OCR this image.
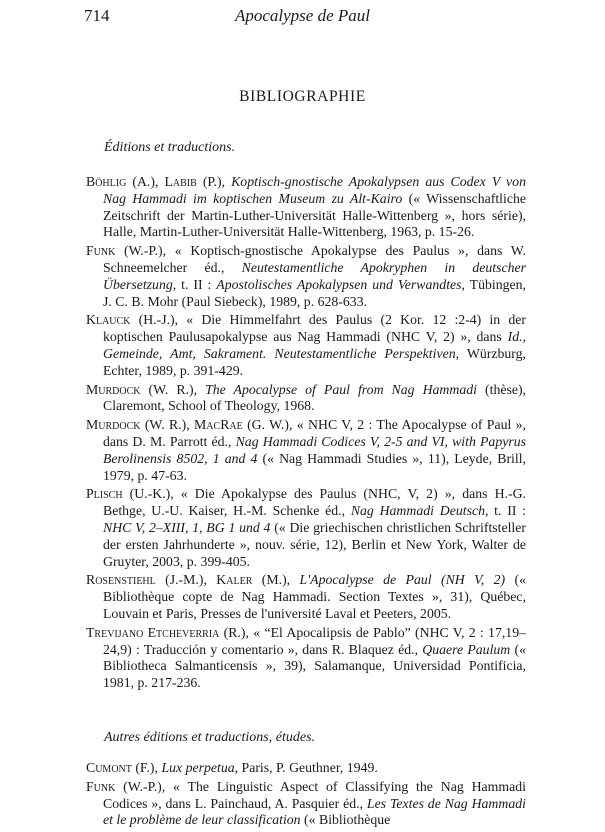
714	Apocalypse de Paul
BIBLIOGRAPHIE
Éditions et traductions.

Böhlig (A.), Labib (P.), Koptisch-gnostische Apokalypsen aus Codex V von Nag Hammadi im koptischen Museum zu Alt-Kairo (« Wissenschaftliche Zeitschrift der Martin-Luther-Universität Halle-Wittenberg », hors série), Halle, Martin-Luther-Universität Halle-Wittenberg, 1963, p. 15-26.

Funk (W.-P.), « Koptisch-gnostische Apokalypse des Paulus », dans W. Schneemelcher éd., Neutestamentliche Apokryphen in deutscher Übersetzung, t. II : Apostolisches Apokalypsen und Verwandtes, Tübingen, J. C. B. Mohr (Paul Siebeck), 1989, p. 628-633.

Klauck (H.-J.), « Die Himmelfahrt des Paulus (2 Kor. 12 :2-4) in der koptischen Paulusapokalypse aus Nag Hammadi (NHC V, 2) », dans Id., Gemeinde, Amt, Sakrament. Neutestamentliche Perspektiven, Würzburg, Echter, 1989, p. 391-429.

Murdock (W. R.), The Apocalypse of Paul from Nag Hammadi (thèse), Claremont, School of Theology, 1968.

Murdock (W. R.), MacRae (G. W.), « NHC V, 2 : The Apocalypse of Paul », dans D. M. Parrott éd., Nag Hammadi Codices V, 2-5 and VI, with Papyrus Berolinensis 8502, 1 and 4 (« Nag Hammadi Studies », 11), Leyde, Brill, 1979, p. 47-63.

Plisch (U.-K.), « Die Apokalypse des Paulus (NHC, V, 2) », dans H.-G. Bethge, U.-U. Kaiser, H.-M. Schenke éd., Nag Hammadi Deutsch, t. II : NHC V, 2–XIII, 1, BG 1 und 4 (« Die griechischen christlichen Schriftsteller der ersten Jahrhunderte », nouv. série, 12), Berlin et New York, Walter de Gruyter, 2003, p. 399-405.

Rosenstiehl (J.-M.), Kaler (M.), L'Apocalypse de Paul (NH V, 2) (« Bibliothèque copte de Nag Hammadi. Section Textes », 31), Québec, Louvain et Paris, Presses de l'université Laval et Peeters, 2005.

Trevijano Etcheverria (R.), « “El Apocalipsis de Pablo” (NHC V, 2 : 17,19–24,9) : Traducción y comentario », dans R. Blaquez éd., Quaere Paulum (« Bibliotheca Salmanticensis », 39), Salamanque, Universidad Pontificia, 1981, p. 217-236.

Autres éditions et traductions, études.

Cumont (F.), Lux perpetua, Paris, P. Geuthner, 1949.

Funk (W.-P.), « The Linguistic Aspect of Classifying the Nag Hammadi Codices », dans L. Painchaud, A. Pasquier éd., Les Textes de Nag Hammadi et le problème de leur classification (« Bibliothèque
